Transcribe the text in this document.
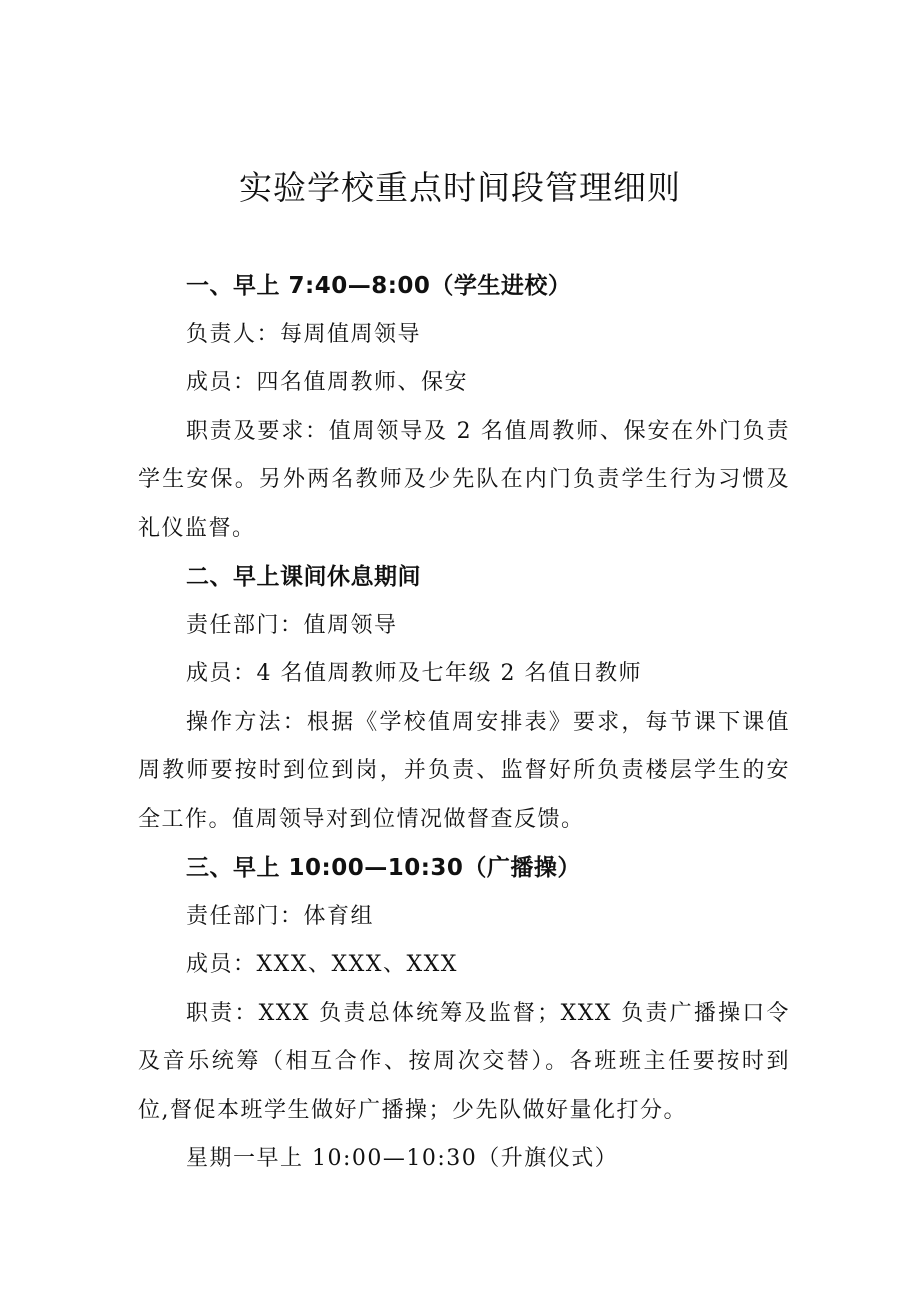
实验学校重点时间段管理细则

一、早上 7:40—8:00（学生进校）

负责人：每周值周领导

成员：四名值周教师、保安

职责及要求：值周领导及 2 名值周教师、保安在外门负责学生安保。另外两名教师及少先队在内门负责学生行为习惯及礼仪监督。

二、早上课间休息期间

责任部门：值周领导

成员：4 名值周教师及七年级 2 名值日教师

操作方法：根据《学校值周安排表》要求，每节课下课值周教师要按时到位到岗，并负责、监督好所负责楼层学生的安全工作。值周领导对到位情况做督查反馈。

三、早上 10:00—10:30（广播操）

责任部门：体育组

成员：XXX、XXX、XXX

职责：XXX 负责总体统筹及监督；XXX 负责广播操口令及音乐统筹（相互合作、按周次交替）。各班班主任要按时到位,督促本班学生做好广播操；少先队做好量化打分。

星期一早上 10:00—10:30（升旗仪式）
